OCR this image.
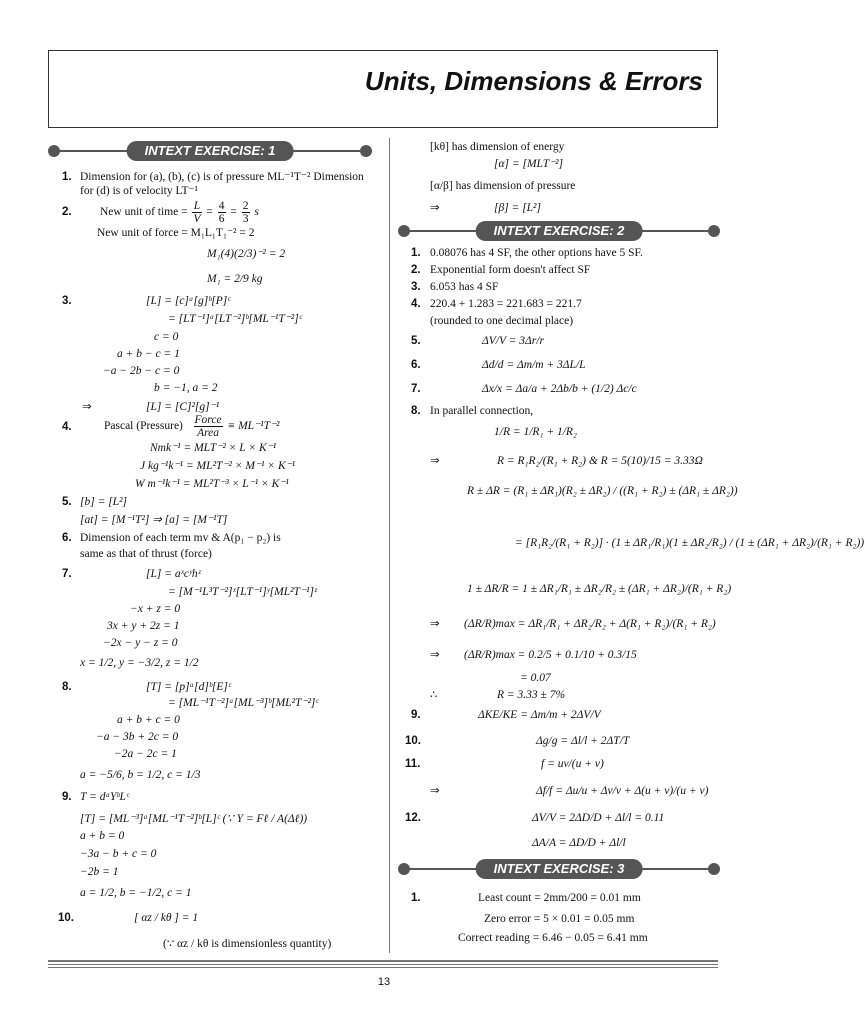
Units, Dimensions & Errors
INTEXT EXERCISE: 1
INTEXT EXERCISE: 2
INTEXT EXERCISE: 3
1. Dimension for (a), (b), (c) is of pressure ML⁻¹T⁻² Dimension
for (d) is of velocity LT⁻¹
2. New unit of time = $\frac{L}{V} = \frac{4}{6} = \frac{2}{3}$ s
New unit of force = M₁L₁T₁⁻² = 2
M₁(4)(2/3)⁻² = 2
M₁ = 2/9 kg
3.	[L] = [c]ᵃ[g]ᵇ[P]ᶜ
= [LT⁻¹]ᵃ[LT⁻²]ᵇ[ML⁻¹T⁻²]ᶜ
c = 0
a + b − c = 1
−a − 2b − c = 0
b = −1, a = 2
⇒	[L] = [C]²[g]⁻¹
4.	Pascal (Pressure)
Force
Area
≡ ML⁻¹T⁻²
Nmk⁻¹ = MLT⁻² × L × K⁻¹
J kg⁻¹k⁻¹ = ML²T⁻² × M⁻¹ × K⁻¹
W m⁻¹k⁻¹ = ML²T⁻³ × L⁻¹ × K⁻¹
5. [b] = [L²]
[at] = [M⁻¹T²] ⇒ [a] = [M⁻¹T]
6. Dimension of each term mv & A(p₁ − p₂) is
same as that of thrust (force)
7.	[L] = aˣcʸhᶻ
= [M⁻¹L³T⁻²]ˣ[LT⁻¹]ʸ[ML²T⁻¹]ᶻ
−x + z = 0
3x + y + 2z = 1
−2x − y − z = 0
x = 1/2, y = −3/2, z = 1/2
8.	[T] = [p]ᵃ[d]ᵇ[E]ᶜ
= [ML⁻¹T⁻²]ᵃ[ML⁻³]ᵇ[ML²T⁻²]ᶜ
a + b + c = 0
−a − 3b + 2c = 0
−2a − 2c = 1
a = −5/6, b = 1/2, c = 1/3
9. T = dᵃYᵇLᶜ
[T] = [ML⁻³]ᵃ[ML⁻¹T⁻²]ᵇ[L]ᶜ (∵ Y = Fℓ / A(Δℓ))
a + b = 0
−3a − b + c = 0
−2b = 1
a = 1/2, b = −1/2, c = 1
10.	[ αz / kθ ] = 1
(∵ αz / kθ is dimensionless quantity)
[kθ] has dimension of energy
[α] = [MLT⁻²]
[α/β] has dimension of pressure
⇒	[β] = [L²]
1. 0.08076 has 4 SF, the other options have 5 SF.
2. Exponential form doesn't affect SF
3. 6.053 has 4 SF
4. 220.4 + 1.283 = 221.683 = 221.7
(rounded to one decimal place)
5.	ΔV/V = 3Δr/r
6.	Δd/d = Δm/m + 3ΔL/L
7.	Δx/x = Δa/a + 2Δb/b + (1/2) Δc/c
8. In parallel connection,
1/R = 1/R₁ + 1/R₂
⇒	R = R₁R₂/(R₁ + R₂) & R = 5(10)/15 = 3.33Ω
R ± ΔR = (R₁ ± ΔR₁)(R₂ ± ΔR₂) / ((R₁ + R₂) ± (ΔR₁ ± ΔR₂))
= [R₁R₂/(R₁ + R₂)] · (1 ± ΔR₁/R₁)(1 ± ΔR₂/R₂) / (1 ± (ΔR₁ + ΔR₂)/(R₁ + R₂))
1 ± ΔR/R = 1 ± ΔR₁/R₁ ± ΔR₂/R₂ ± (ΔR₁ + ΔR₂)/(R₁ + R₂)
⇒ (ΔR/R)max = ΔR₁/R₁ + ΔR₂/R₂ + Δ(R₁ + R₂)/(R₁ + R₂)
⇒ (ΔR/R)max = 0.2/5 + 0.1/10 + 0.3/15
= 0.07
∴	R = 3.33 ± 7%
9.	ΔKE/KE = Δm/m + 2ΔV/V
10.	Δg/g = Δl/l + 2ΔT/T
11.	f = uv/(u + v)
⇒	Δf/f = Δu/u + Δv/v + Δ(u + v)/(u + v)
12.	ΔV/V = 2ΔD/D + Δl/l = 0.11
ΔA/A = ΔD/D + Δl/l
1.	Least count = 2mm/200 = 0.01 mm
Zero error = 5 × 0.01 = 0.05 mm
Correct reading = 6.46 − 0.05 = 6.41 mm
13
